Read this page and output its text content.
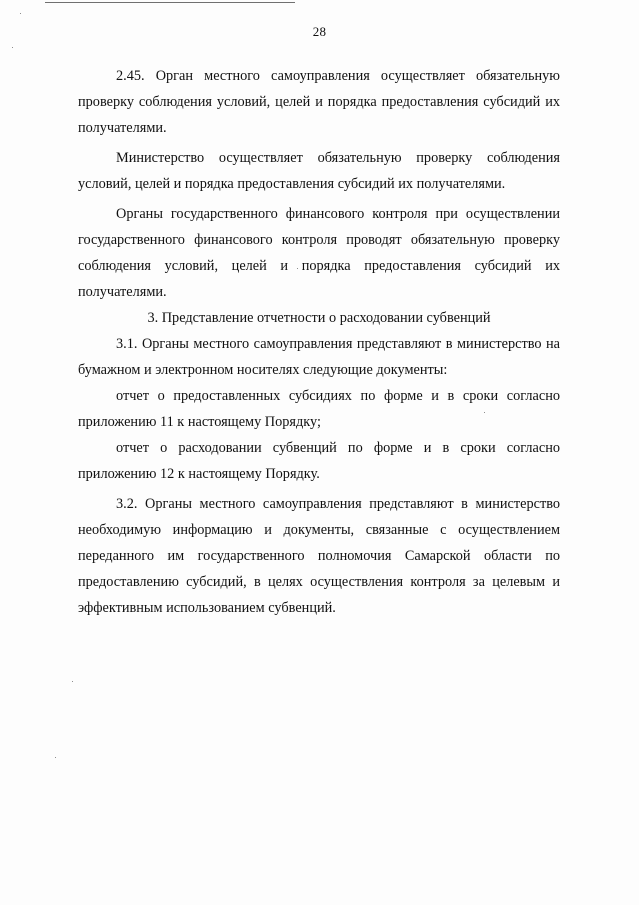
28

2.45. Орган местного самоуправления осуществляет обязательную проверку соблюдения условий, целей и порядка предоставления субсидий их получателями.

Министерство осуществляет обязательную проверку соблюдения условий, целей и порядка предоставления субсидий их получателями.

Органы государственного финансового контроля при осуществлении государственного финансового контроля проводят обязательную проверку соблюдения условий, целей и порядка предоставления субсидий их получателями.

3. Представление отчетности о расходовании субвенций

3.1. Органы местного самоуправления представляют в министерство на бумажном и электронном носителях следующие документы:

отчет о предоставленных субсидиях по форме и в сроки согласно приложению 11 к настоящему Порядку;

отчет о расходовании субвенций по форме и в сроки согласно приложению 12 к настоящему Порядку.

3.2. Органы местного самоуправления представляют в министерство необходимую информацию и документы, связанные с осуществлением переданного им государственного полномочия Самарской области по предоставлению субсидий, в целях осуществления контроля за целевым и эффективным использованием субвенций.
